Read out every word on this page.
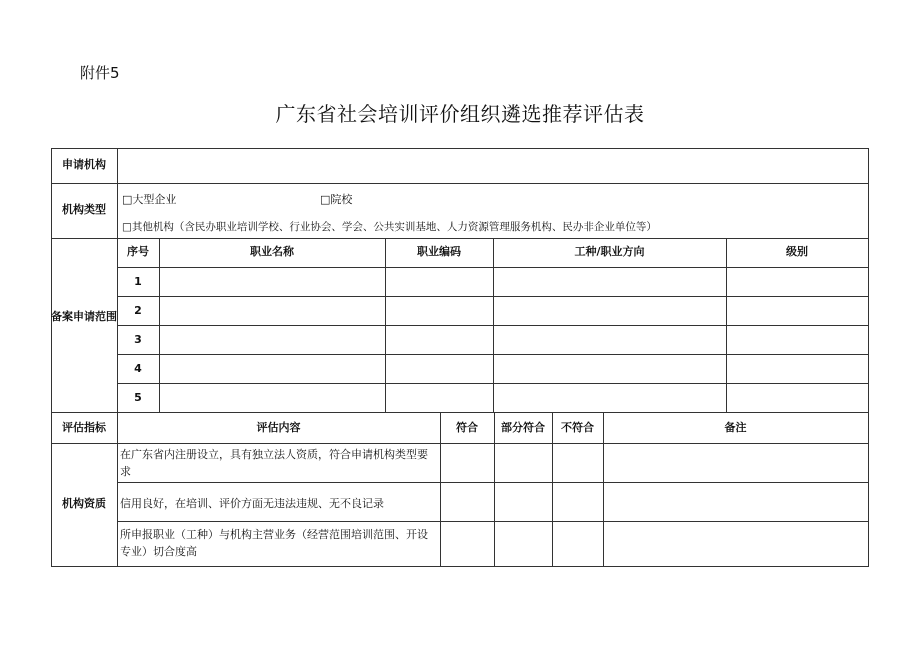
附件5
广东省社会培训评价组织遴选推荐评估表
申请机构
机构类型
□大型企业	□院校
□其他机构（含民办职业培训学校、行业协会、学会、公共实训基地、人力资源管理服务机构、民办非企业单位等）
备案申请范围
序号	职业名称	职业编码	工种/职业方向	级别
1
2
3
4
5
评估指标	评估内容	符合	部分符合	不符合	备注
机构资质
在广东省内注册设立，具有独立法人资质，符合申请机构类型要求
信用良好，在培训、评价方面无违法违规、无不良记录
所申报职业（工种）与机构主营业务（经营范围培训范围、开设专业）切合度高
